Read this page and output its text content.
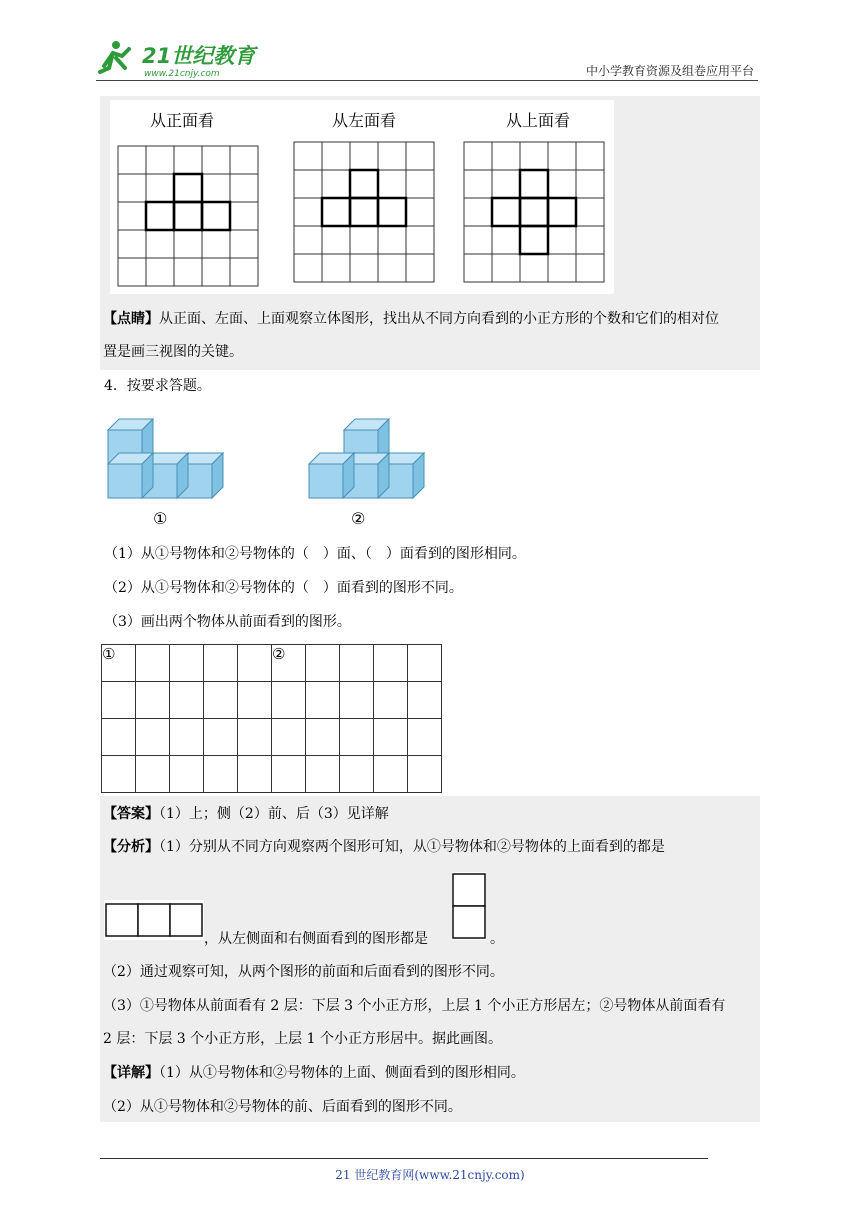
21世纪教育
www.21cnjy.com	中小学教育资源及组卷应用平台
从正面看	从左面看	从上面看
【点睛】从正面、左面、上面观察立体图形，找出从不同方向看到的小正方形的个数和它们的相对位
置是画三视图的关键。
4．按要求答题。
①	②
（1）从①号物体和②号物体的（　）面、（　）面看到的图形相同。
（2）从①号物体和②号物体的（　）面看到的图形不同。
（3）画出两个物体从前面看到的图形。
①					②				

【答案】（1）上；侧（2）前、后（3）见详解
【分析】（1）分别从不同方向观察两个图形可知，从①号物体和②号物体的上面看到的都是
，从左侧面和右侧面看到的图形都是	。
（2）通过观察可知，从两个图形的前面和后面看到的图形不同。
（3）①号物体从前面看有 2 层：下层 3 个小正方形，上层 1 个小正方形居左；②号物体从前面看有
2 层：下层 3 个小正方形，上层 1 个小正方形居中。据此画图。
【详解】（1）从①号物体和②号物体的上面、侧面看到的图形相同。
（2）从①号物体和②号物体的前、后面看到的图形不同。
21 世纪教育网(www.21cnjy.com)
